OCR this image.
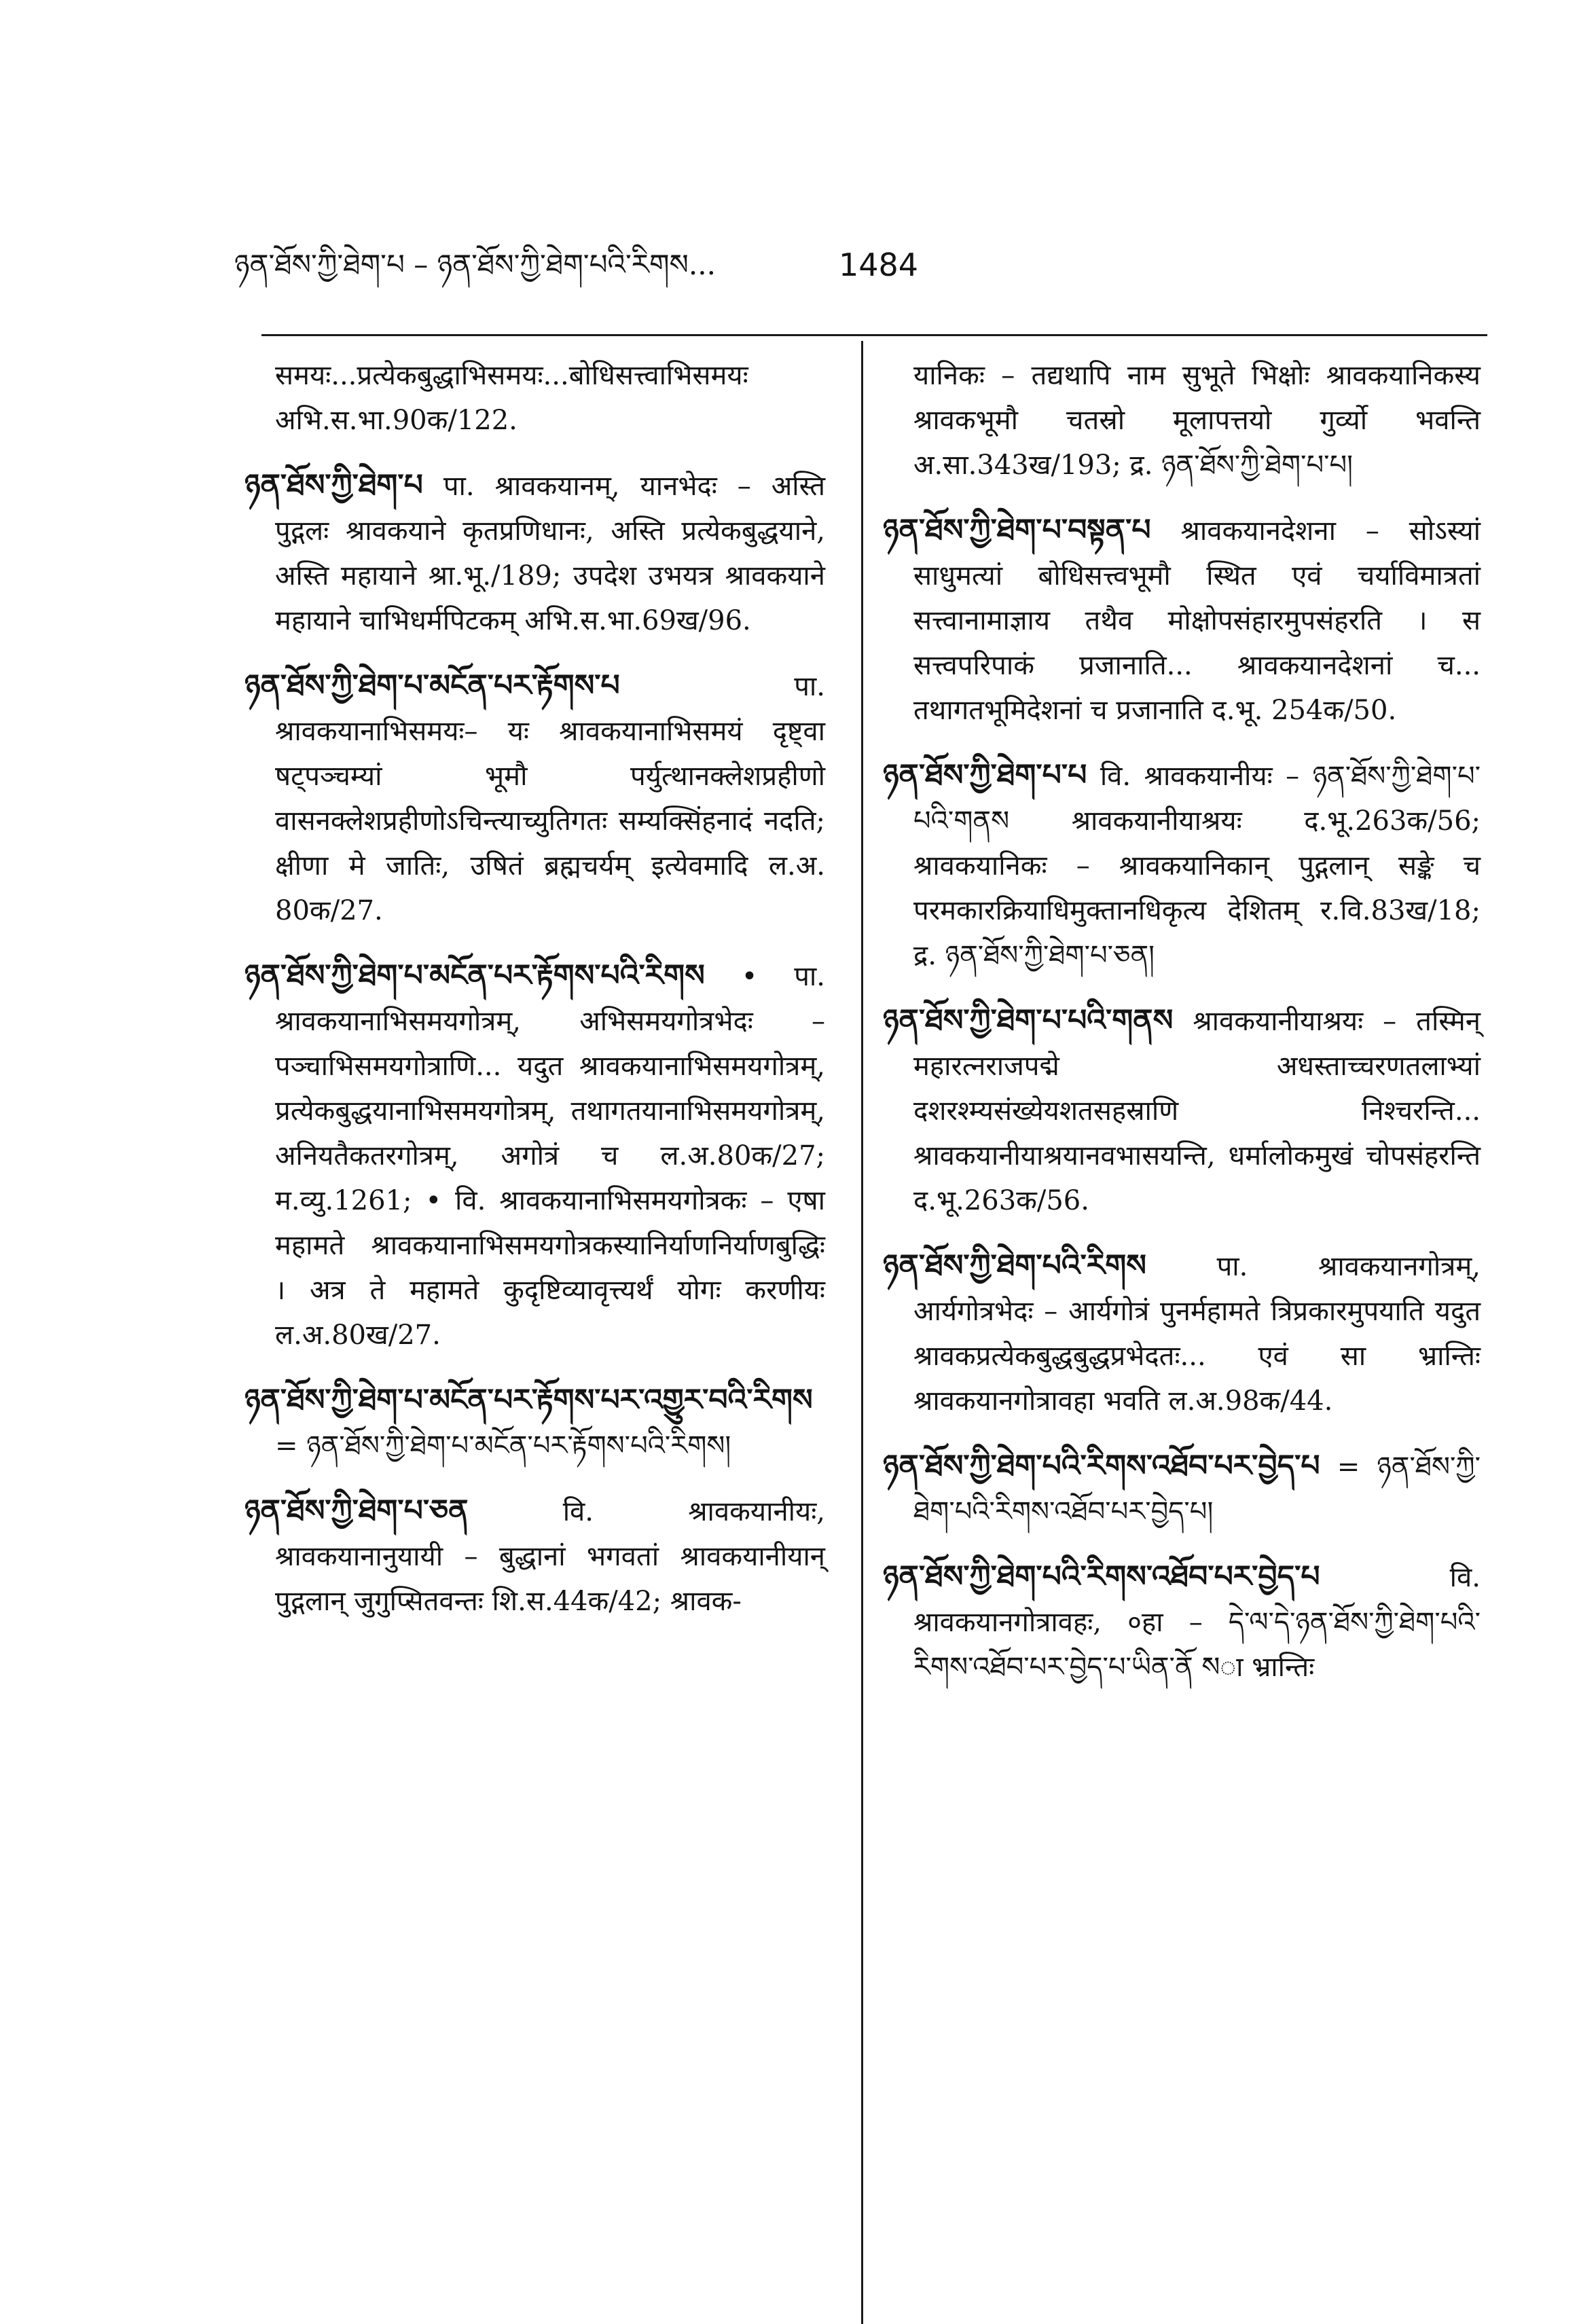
ཉན་ཐོས་ཀྱི་ཐེག་པ – ཉན་ཐོས་ཀྱི་ཐེག་པའི་རིགས...	1484

समयः...प्रत्येकबुद्धाभिसमयः...बोधिसत्त्वाभिसमयः अभि.स.भा.90क/122.

ཉན་ཐོས་ཀྱི་ཐེག་པ पा. श्रावकयानम्, यानभेदः – अस्ति पुद्गलः श्रावकयाने कृतप्रणिधानः, अस्ति प्रत्येकबुद्धयाने, अस्ति महायाने श्रा.भू./189; उपदेश उभयत्र श्रावकयाने महायाने चाभिधर्मपिटकम् अभि.स.भा.69ख/96.

ཉན་ཐོས་ཀྱི་ཐེག་པ་མངོན་པར་རྟོགས་པ	पा. श्रावकयानाभिसमयः– यः श्रावकयानाभिसमयं दृष्ट्वा षट्पञ्चम्यां भूमौ पर्युत्थानक्लेशप्रहीणो वासनक्लेशप्रहीणोऽचिन्त्याच्युतिगतः सम्यक्सिंहनादं नदति; क्षीणा मे जातिः, उषितं ब्रह्मचर्यम् इत्येवमादि ल.अ. 80क/27.

ཉན་ཐོས་ཀྱི་ཐེག་པ་མངོན་པར་རྟོགས་པའི་རིགས • पा. श्रावकयानाभिसमयगोत्रम्, अभिसमयगोत्रभेदः – पञ्चाभिसमयगोत्राणि... यदुत श्रावकयानाभिसमयगोत्रम्, प्रत्येकबुद्धयानाभिसमयगोत्रम्, तथागतयानाभिसमयगोत्रम्, अनियतैकतरगोत्रम्, अगोत्रं च ल.अ.80क/27; म.व्यु.1261; • वि. श्रावकयानाभिसमयगोत्रकः – एषा महामते श्रावकयानाभिसमयगोत्रकस्यानिर्याणनिर्याणबुद्धिः । अत्र ते महामते कुदृष्टिव्यावृत्त्यर्थं योगः करणीयः ल.अ.80ख/27.

ཉན་ཐོས་ཀྱི་ཐེག་པ་མངོན་པར་རྟོགས་པར་འགྱུར་བའི་རིགས = ཉན་ཐོས་ཀྱི་ཐེག་པ་མངོན་པར་རྟོགས་པའི་རིགས།

ཉན་ཐོས་ཀྱི་ཐེག་པ་ཅན	वि. श्रावकयानीयः, श्रावकयानानुयायी – बुद्धानां भगवतां श्रावकयानीयान् पुद्गलान् जुगुप्सितवन्तः शि.स.44क/42; श्रावक-

यानिकः – तद्यथापि नाम सुभूते भिक्षोः श्रावकयानिकस्य श्रावकभूमौ चतस्रो मूलापत्तयो गुर्व्यो भवन्ति अ.सा.343ख/193; द्र. ཉན་ཐོས་ཀྱི་ཐེག་པ་པ།

ཉན་ཐོས་ཀྱི་ཐེག་པ་བསྟན་པ श्रावकयानदेशना – सोऽस्यां साधुमत्यां बोधिसत्त्वभूमौ स्थित एवं चर्याविमात्रतां सत्त्वानामाज्ञाय तथैव मोक्षोपसंहारमुपसंहरति । स सत्त्वपरिपाकं प्रजानाति... श्रावकयानदेशनां च... तथागतभूमिदेशनां च प्रजानाति द.भू. 254क/50.

ཉན་ཐོས་ཀྱི་ཐེག་པ་པ वि. श्रावकयानीयः – ཉན་ཐོས་ཀྱི་ཐེག་པ་པའི་གནས श्रावकयानीयाश्रयः द.भू.263क/56; श्रावकयानिकः – श्रावकयानिकान् पुद्गलान् सङ्के च परमकारक्रियाधिमुक्तानधिकृत्य देशितम् र.वि.83ख/18; द्र. ཉན་ཐོས་ཀྱི་ཐེག་པ་ཅན།

ཉན་ཐོས་ཀྱི་ཐེག་པ་པའི་གནས श्रावकयानीयाश्रयः – तस्मिन् महारत्नराजपद्मे अधस्ताच्चरणतलाभ्यां दशरश्म्यसंख्येयशतसहस्राणि निश्चरन्ति... श्रावकयानीयाश्रयानवभासयन्ति, धर्मालोकमुखं चोपसंहरन्ति द.भू.263क/56.

ཉན་ཐོས་ཀྱི་ཐེག་པའི་རིགས	पा. श्रावकयानगोत्रम्, आर्यगोत्रभेदः – आर्यगोत्रं पुनर्महामते त्रिप्रकारमुपयाति यदुत श्रावकप्रत्येकबुद्धबुद्धप्रभेदतः... एवं सा भ्रान्तिः श्रावकयानगोत्रावहा भवति ल.अ.98क/44.

ཉན་ཐོས་ཀྱི་ཐེག་པའི་རིགས་འཐོབ་པར་བྱེད་པ = ཉན་ཐོས་ཀྱི་ཐེག་པའི་རིགས་འཐོབ་པར་བྱེད་པ།

ཉན་ཐོས་ཀྱི་ཐེག་པའི་རིགས་འཐོབ་པར་བྱེད་པ	वि. श्रावकयानगोत्रावहः, ०हा – དེ་ལ་དེ་ཉན་ཐོས་ཀྱི་ཐེག་པའི་རིགས་འཐོབ་པར་བྱེད་པ་ཡིན་ནོ སा भ्रान्तिः
